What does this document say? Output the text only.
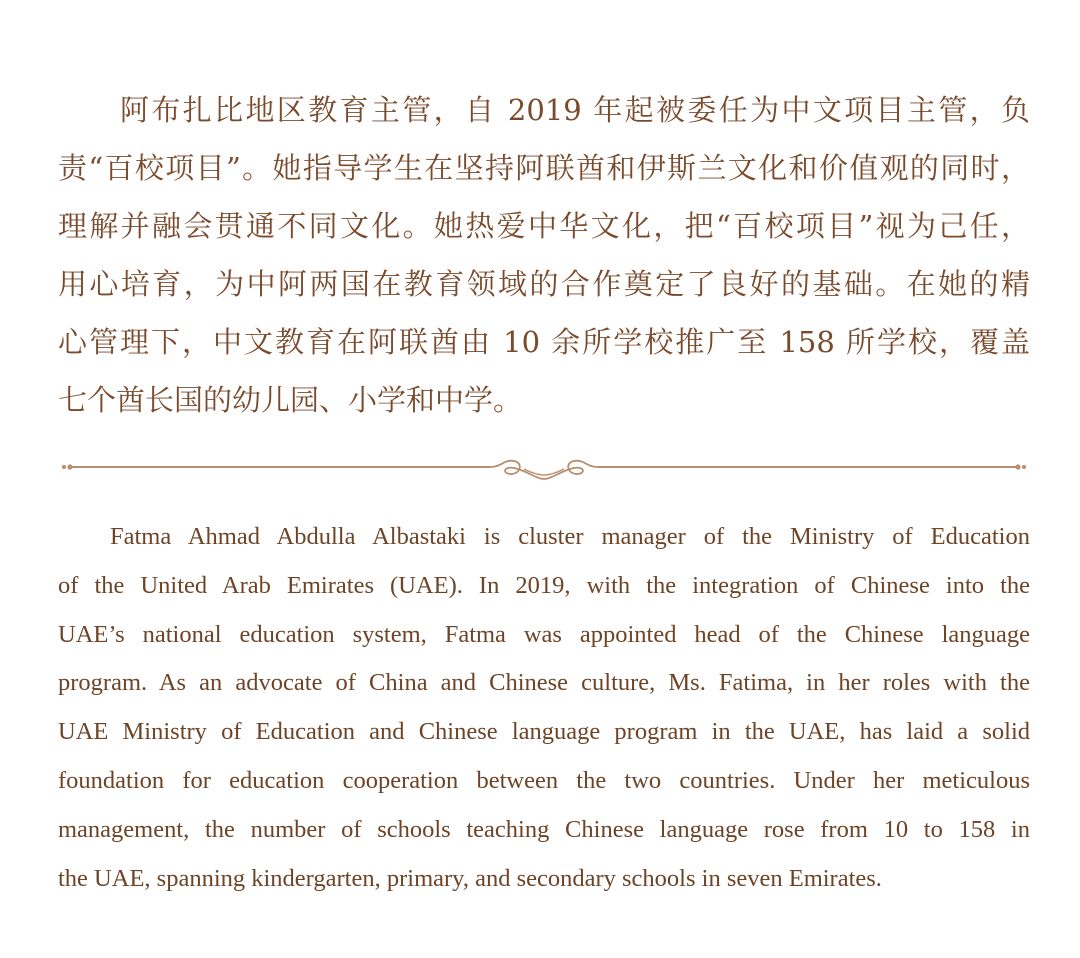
阿布扎比地区教育主管，自 2019 年起被委任为中文项目主管，负
责“百校项目”。她指导学生在坚持阿联酋和伊斯兰文化和价值观的同时，
理解并融会贯通不同文化。她热爱中华文化，把“百校项目”视为己任，
用心培育，为中阿两国在教育领域的合作奠定了良好的基础。在她的精
心管理下，中文教育在阿联酋由 10 余所学校推广至 158 所学校，覆盖
七个酋长国的幼儿园、小学和中学。
Fatma Ahmad Abdulla Albastaki is cluster manager of the Ministry of Education
of the United Arab Emirates (UAE). In 2019, with the integration of Chinese into the
UAE’s national education system, Fatma was appointed head of the Chinese language
program. As an advocate of China and Chinese culture, Ms. Fatima, in her roles with the
UAE Ministry of Education and Chinese language program in the UAE, has laid a solid
foundation for education cooperation between the two countries. Under her meticulous
management, the number of schools teaching Chinese language rose from 10 to 158 in
the UAE, spanning kindergarten, primary, and secondary schools in seven Emirates.
